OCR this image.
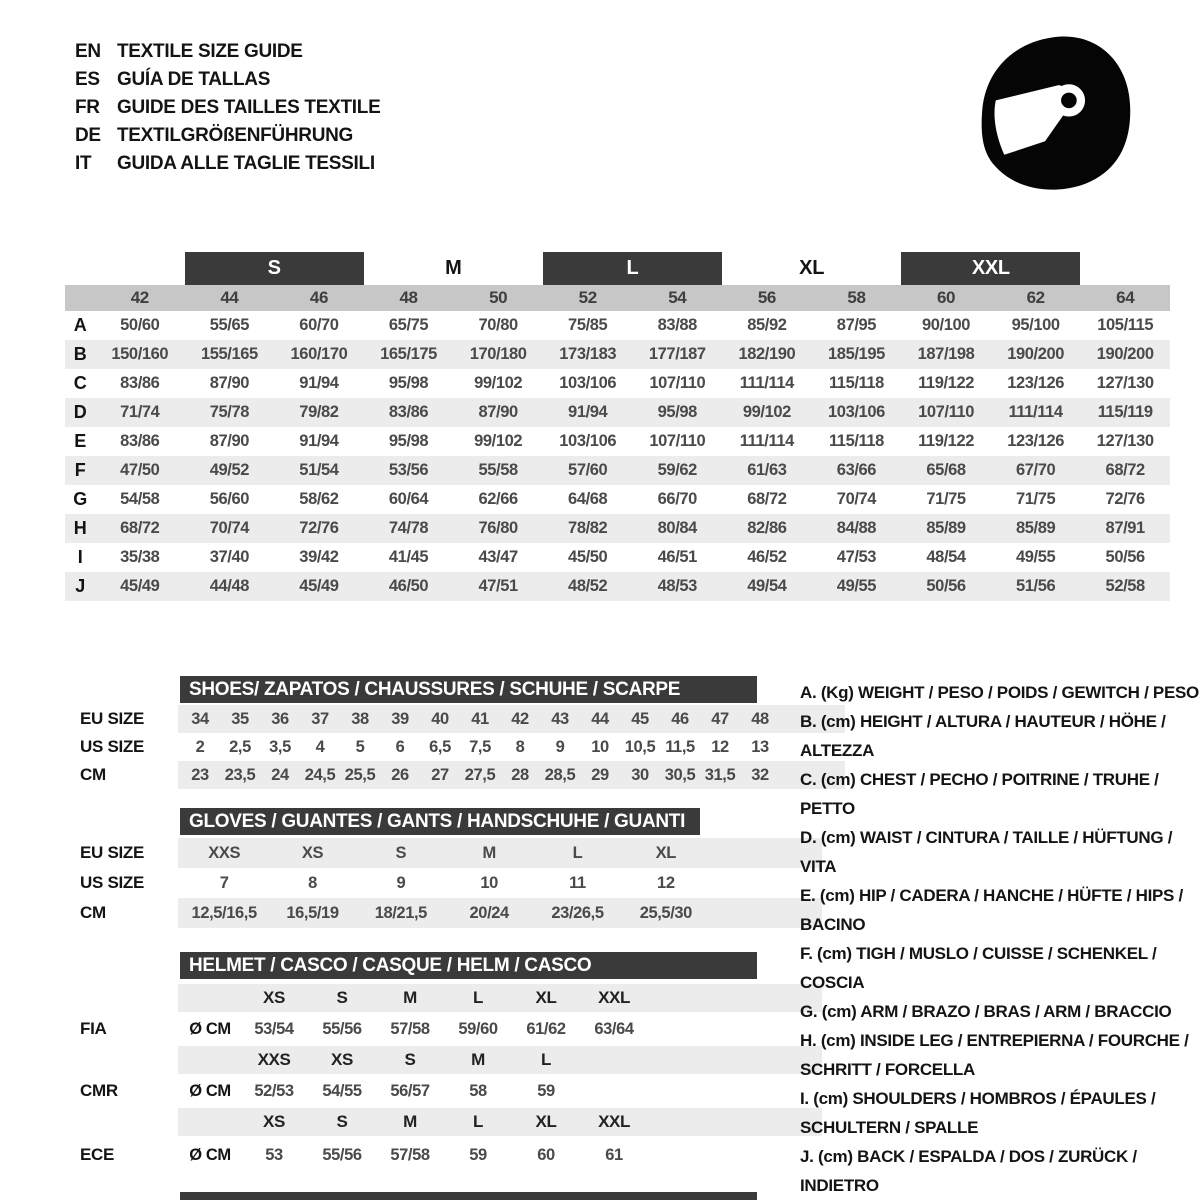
EN TEXTILE SIZE GUIDE
ES GUÍA DE TALLAS
FR GUIDE DES TAILLES TEXTILE
DE TEXTILGRÖßENFÜHRUNG
IT	GUIDA ALLE TAGLIE TESSILI
S	M	L	XL	XXL
42	44	46	48	50	52	54	56	58	60	62	64
A	50/60	55/65	60/70	65/75	70/80	75/85	83/88	85/92	87/95	90/100	95/100	105/115
B	150/160	155/165	160/170	165/175	170/180	173/183	177/187	182/190	185/195	187/198	190/200	190/200
C	83/86	87/90	91/94	95/98	99/102	103/106	107/110	111/114	115/118	119/122	123/126	127/130
D	71/74	75/78	79/82	83/86	87/90	91/94	95/98	99/102	103/106	107/110	111/114	115/119
E	83/86	87/90	91/94	95/98	99/102	103/106	107/110	111/114	115/118	119/122	123/126	127/130
F	47/50	49/52	51/54	53/56	55/58	57/60	59/62	61/63	63/66	65/68	67/70	68/72
G	54/58	56/60	58/62	60/64	62/66	64/68	66/70	68/72	70/74	71/75	71/75	72/76
H	68/72	70/74	72/76	74/78	76/80	78/82	80/84	82/86	84/88	85/89	85/89	87/91
I	35/38	37/40	39/42	41/45	43/47	45/50	46/51	46/52	47/53	48/54	49/55	50/56
J	45/49	44/48	45/49	46/50	47/51	48/52	48/53	49/54	49/55	50/56	51/56	52/58
SHOES/ ZAPATOS / CHAUSSURES / SCHUHE / SCARPE
EU SIZE	34	35	36	37	38	39	40	41	42	43	44	45	46	47	48
US SIZE	2	2,5	3,5	4	5	6	6,5	7,5	8	9	10 10,5 11,5 12	13
CM	23 23,5 24 24,5 25,5 26	27 27,5 28 28,5 29	30 30,5 31,5 32
GLOVES / GUANTES / GANTS / HANDSCHUHE / GUANTI
EU SIZE	XXS	XS	S	M	L	XL
US SIZE	7	8	9	10	11	12
CM	12,5/16,5	16,5/19	18/21,5	20/24	23/26,5	25,5/30
HELMET / CASCO / CASQUE / HELM / CASCO
XS	S	M	L	XL	XXL
FIA	Ø CM	53/54	55/56	57/58	59/60	61/62	63/64
XXS	XS	S	M	L
CMR	Ø CM	52/53	54/55	56/57	58	59
XS	S	M	L	XL	XXL
ECE	Ø CM	53	55/56	57/58	59	60	61
A. (Kg) WEIGHT / PESO / POIDS / GEWITCH / PESO
B. (cm) HEIGHT / ALTURA / HAUTEUR / HÖHE / ALTEZZA
C. (cm) CHEST / PECHO / POITRINE / TRUHE / PETTO
D. (cm) WAIST / CINTURA / TAILLE / HÜFTUNG / VITA
E. (cm) HIP / CADERA / HANCHE / HÜFTE / HIPS / BACINO
F. (cm) TIGH / MUSLO / CUISSE / SCHENKEL / COSCIA
G. (cm) ARM / BRAZO / BRAS / ARM / BRACCIO
H. (cm) INSIDE LEG / ENTREPIERNA / FOURCHE / SCHRITT / FORCELLA
I. (cm) SHOULDERS / HOMBROS / ÉPAULES / SCHULTERN / SPALLE
J. (cm) BACK / ESPALDA / DOS / ZURÜCK / INDIETRO
